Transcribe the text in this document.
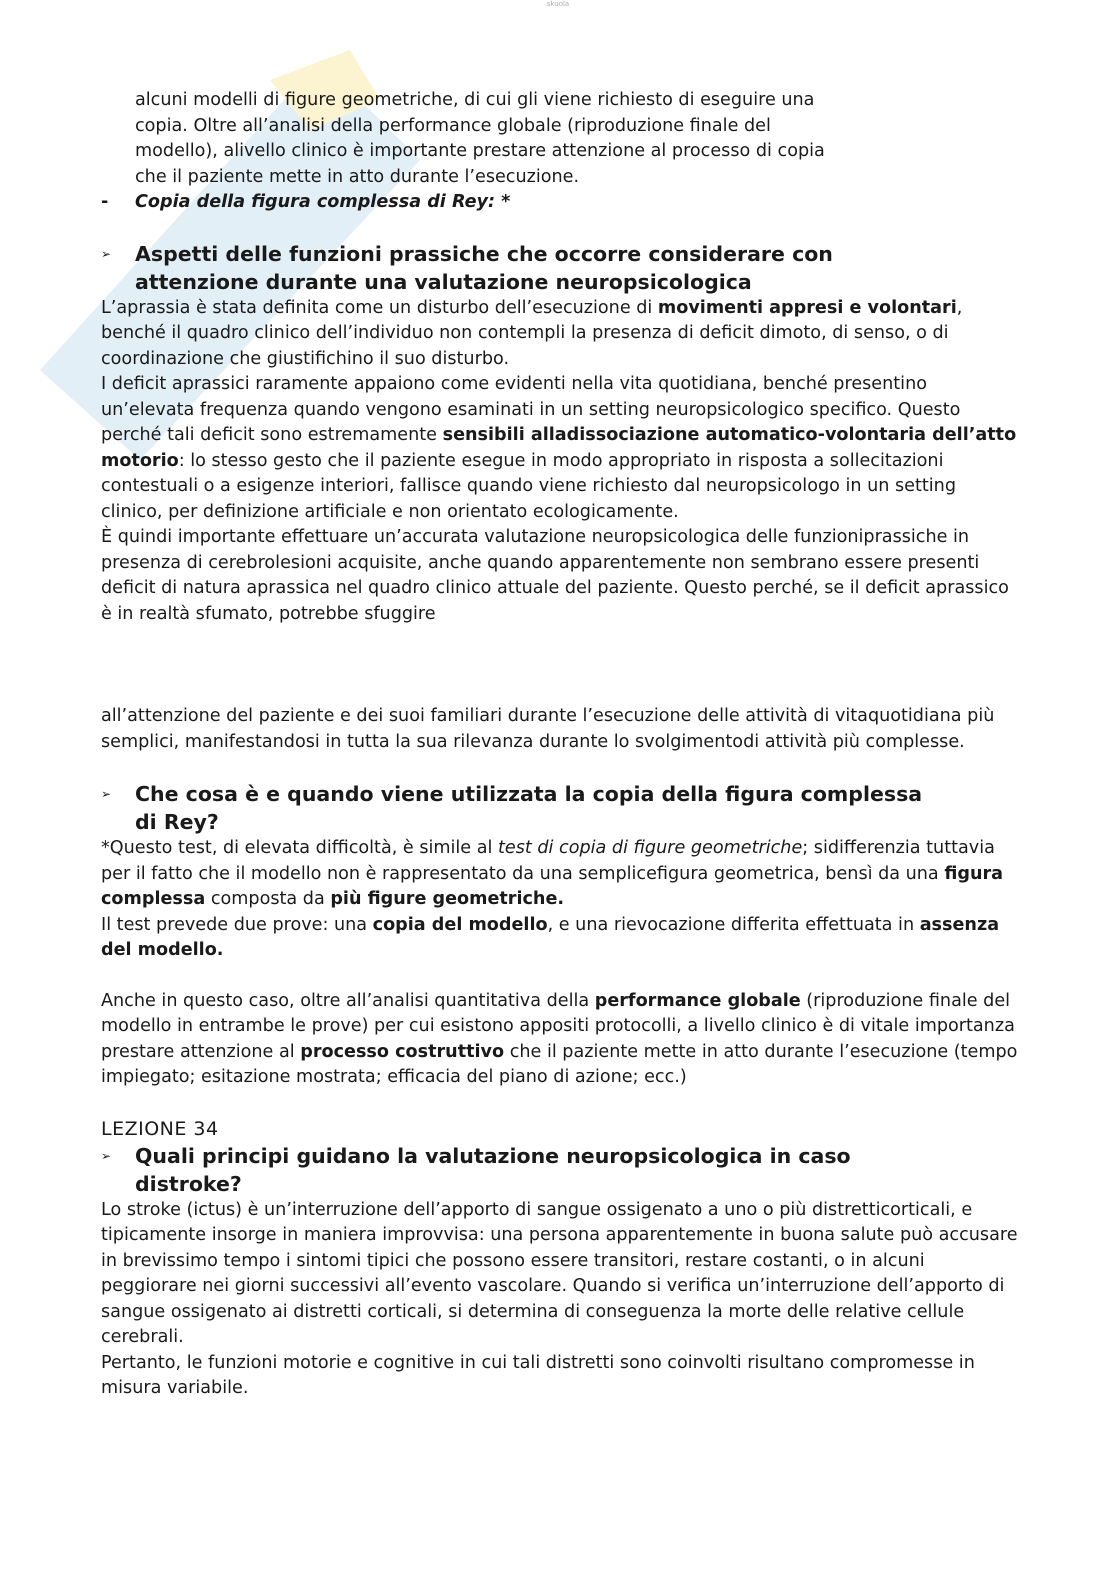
skuola

alcuni modelli di figure geometriche, di cui gli viene richiesto di eseguire una
copia. Oltre all’analisi della performance globale (riproduzione finale del
modello), alivello clinico è importante prestare attenzione al processo di copia
che il paziente mette in atto durante l’esecuzione.

-	Copia della figura complessa di Rey: *
➢	Aspetti delle funzioni prassiche che occorre considerare con
attenzione durante una valutazione neuropsicologica

L’aprassia è stata definita come un disturbo dell’esecuzione di movimenti appresi e volontari, benché il quadro clinico dell’individuo non contempli la presenza di deficit dimoto, di senso, o di coordinazione che giustifichino il suo disturbo.

I deficit aprassici raramente appaiono come evidenti nella vita quotidiana, benché presentino un’elevata frequenza quando vengono esaminati in un setting neuropsicologico specifico. Questo perché tali deficit sono estremamente sensibili alladissociazione automatico-volontaria dell’atto motorio: lo stesso gesto che il paziente esegue in modo appropriato in risposta a sollecitazioni contestuali o a esigenze interiori, fallisce quando viene richiesto dal neuropsicologo in un setting clinico, per definizione artificiale e non orientato ecologicamente.

È quindi importante effettuare un’accurata valutazione neuropsicologica delle funzioniprassiche in presenza di cerebrolesioni acquisite, anche quando apparentemente non sembrano essere presenti deficit di natura aprassica nel quadro clinico attuale del paziente. Questo perché, se il deficit aprassico è in realtà sfumato, potrebbe sfuggire

all’attenzione del paziente e dei suoi familiari durante l’esecuzione delle attività di vitaquotidiana più semplici, manifestandosi in tutta la sua rilevanza durante lo svolgimentodi attività più complesse.

➢	Che cosa è e quando viene utilizzata la copia della figura complessa
di Rey?

*Questo test, di elevata difficoltà, è simile al test di copia di figure geometriche; sidifferenzia tuttavia per il fatto che il modello non è rappresentato da una semplicefigura geometrica, bensì da una figura complessa composta da più figure geometriche.

Il test prevede due prove: una copia del modello, e una rievocazione differita effettuata in assenza del modello.

Anche in questo caso, oltre all’analisi quantitativa della performance globale (riproduzione finale del modello in entrambe le prove) per cui esistono appositi protocolli, a livello clinico è di vitale importanza prestare attenzione al processo costruttivo che il paziente mette in atto durante l’esecuzione (tempo impiegato; esitazione mostrata; efficacia del piano di azione; ecc.)

LEZIONE 34
➢	Quali principi guidano la valutazione neuropsicologica in caso
distroke?

Lo stroke (ictus) è un’interruzione dell’apporto di sangue ossigenato a uno o più distretticorticali, e tipicamente insorge in maniera improvvisa: una persona apparentemente in buona salute può accusare in brevissimo tempo i sintomi tipici che possono essere transitori, restare costanti, o in alcuni peggiorare nei giorni successivi all’evento vascolare. Quando si verifica un’interruzione dell’apporto di sangue ossigenato ai distretti corticali, si determina di conseguenza la morte delle relative cellule cerebrali.

Pertanto, le funzioni motorie e cognitive in cui tali distretti sono coinvolti risultano compromesse in misura variabile.
